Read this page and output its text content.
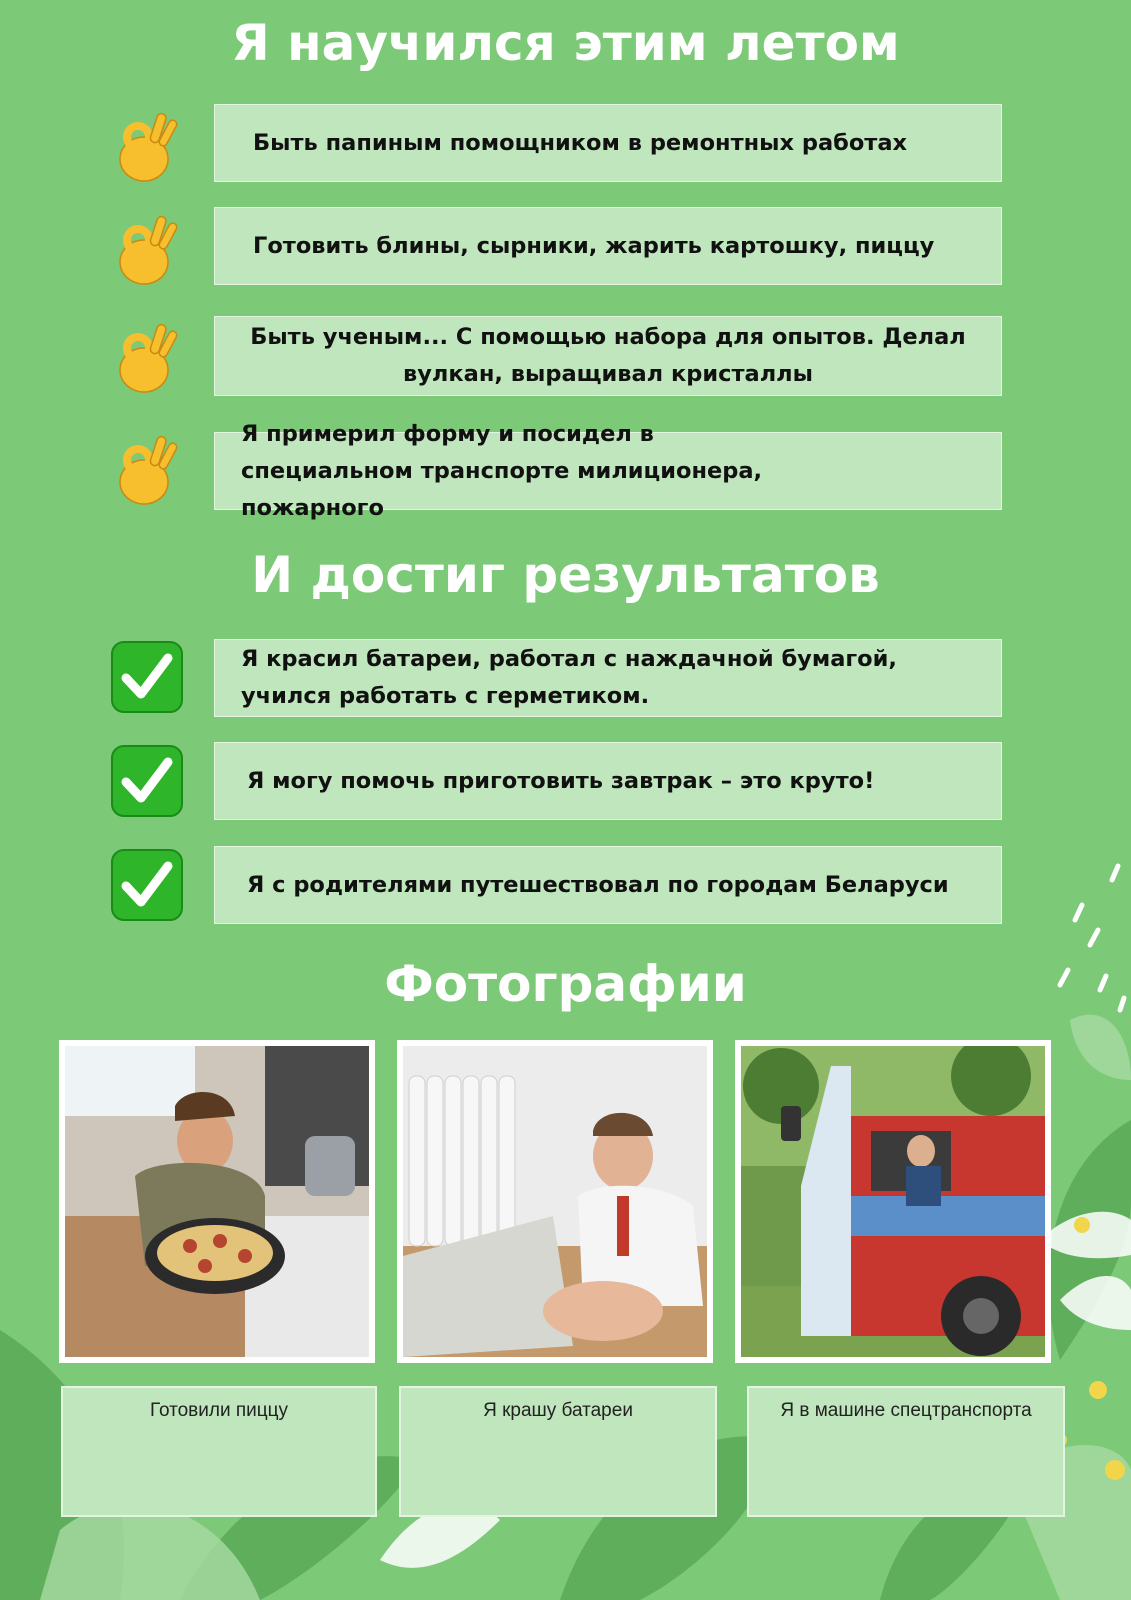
Я научился этим летом
Быть папиным помощником в ремонтных работах
Готовить блины, сырники, жарить картошку, пиццу
Быть ученым... С помощью набора для опытов. Делал вулкан, выращивал кристаллы
Я примерил форму и посидел в специальном транспорте милиционера, пожарного
И достиг результатов
Я красил батареи, работал с наждачной бумагой, учился работать с герметиком.
Я могу помочь приготовить завтрак – это круто!
Я с родителями путешествовал по городам Беларуси
Фотографии
Готовили пиццу	Я крашу батареи	Я в машине спецтранспорта
